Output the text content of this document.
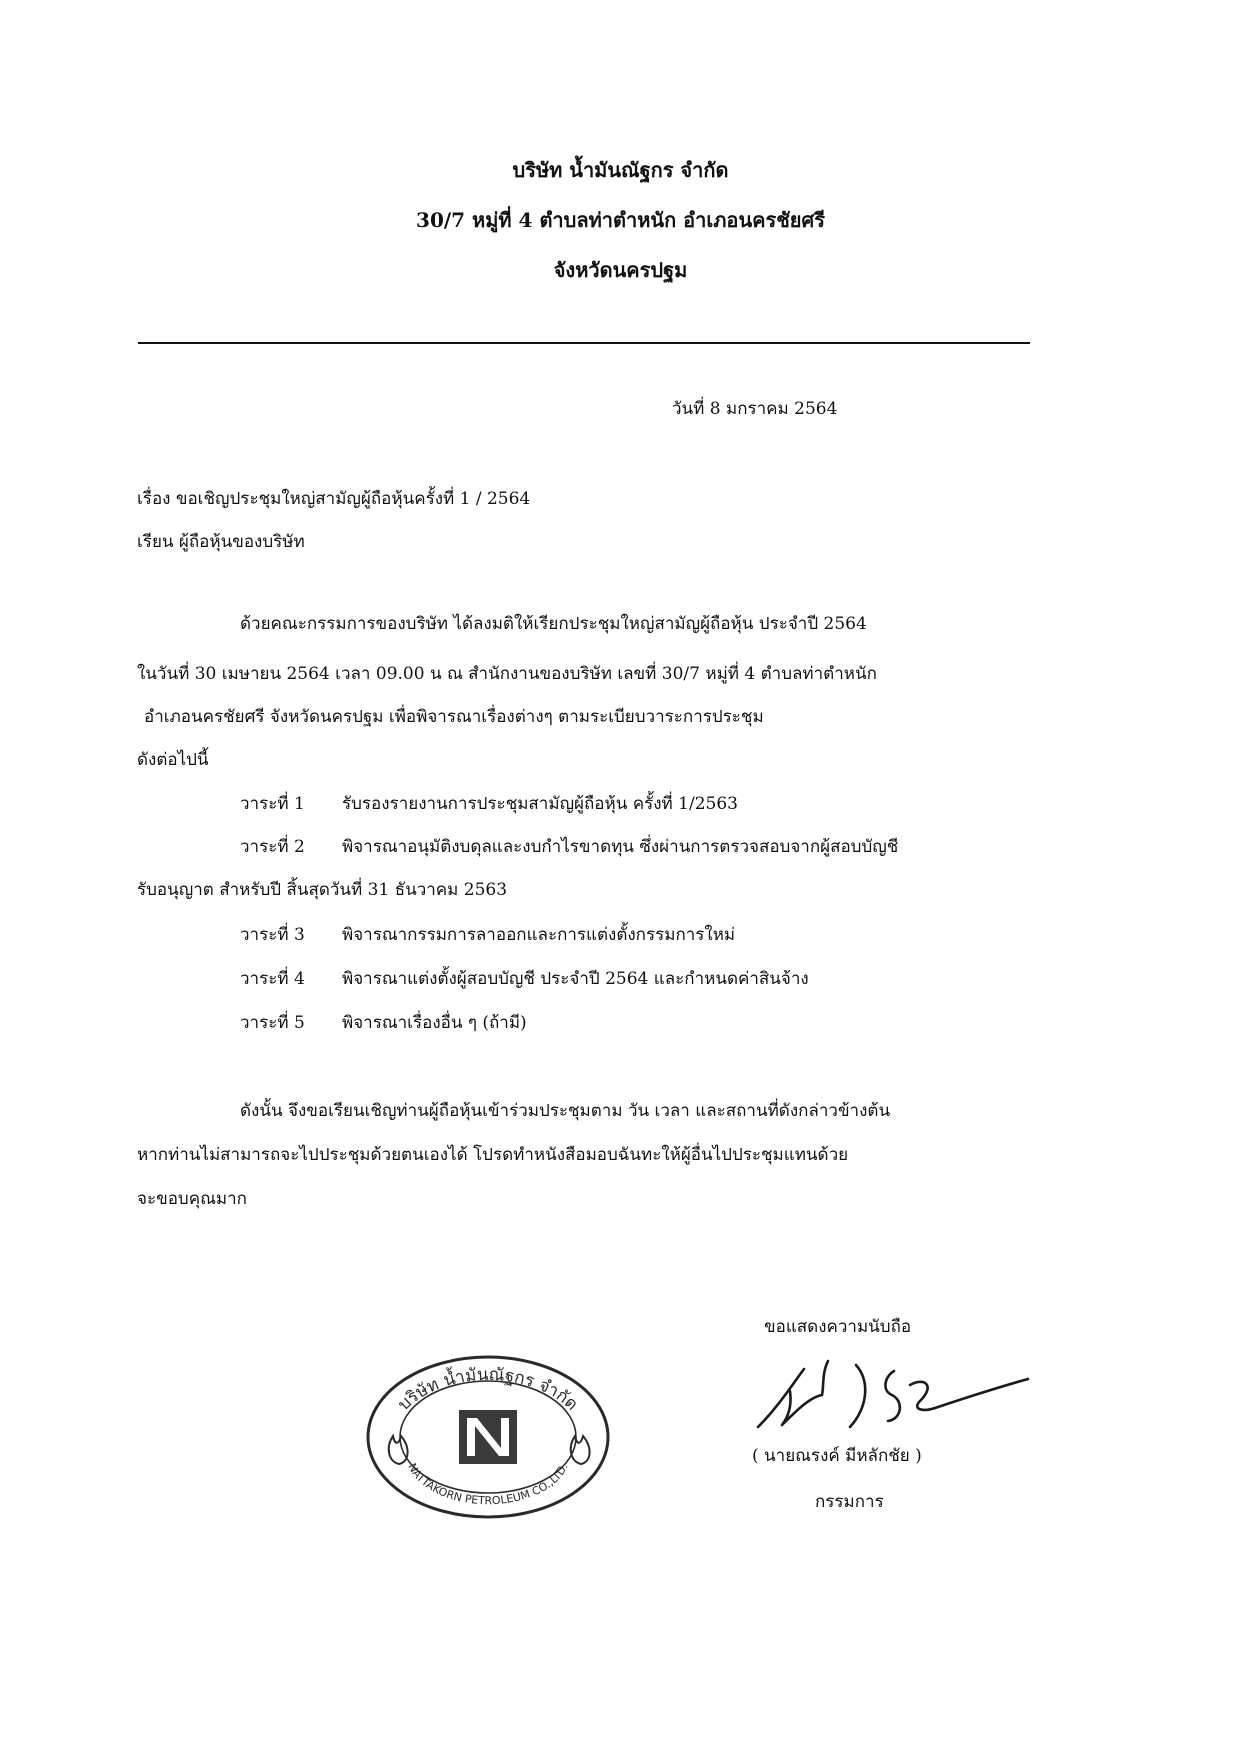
บริษัท น้ำมันณัฐกร จำกัด
30/7 หมู่ที่ 4 ตำบลท่าตำหนัก อำเภอนครชัยศรี
จังหวัดนครปฐม
วันที่ 8 มกราคม 2564
เรื่อง ขอเชิญประชุมใหญ่สามัญผู้ถือหุ้นครั้งที่ 1 / 2564
เรียน ผู้ถือหุ้นของบริษัท
ด้วยคณะกรรมการของบริษัท ได้ลงมติให้เรียกประชุมใหญ่สามัญผู้ถือหุ้น ประจำปี 2564
ในวันที่ 30 เมษายน 2564 เวลา 09.00 น ณ สำนักงานของบริษัท เลขที่ 30/7 หมู่ที่ 4 ตำบลท่าตำหนัก
อำเภอนครชัยศรี จังหวัดนครปฐม เพื่อพิจารณาเรื่องต่างๆ ตามระเบียบวาระการประชุม
ดังต่อไปนี้
วาระที่ 1 รับรองรายงานการประชุมสามัญผู้ถือหุ้น ครั้งที่ 1/2563
วาระที่ 2 พิจารณาอนุมัติงบดุลและงบกำไรขาดทุน ซึ่งผ่านการตรวจสอบจากผู้สอบบัญชี
รับอนุญาต สำหรับปี สิ้นสุดวันที่ 31 ธันวาคม 2563
วาระที่ 3 พิจารณากรรมการลาออกและการแต่งตั้งกรรมการใหม่
วาระที่ 4 พิจารณาแต่งตั้งผู้สอบบัญชี ประจำปี 2564 และกำหนดค่าสินจ้าง
วาระที่ 5 พิจารณาเรื่องอื่น ๆ (ถ้ามี)
ดังนั้น จึงขอเรียนเชิญท่านผู้ถือหุ้นเข้าร่วมประชุมตาม วัน เวลา และสถานที่ดังกล่าวข้างต้น
หากท่านไม่สามารถจะไปประชุมด้วยตนเองได้ โปรดทำหนังสือมอบฉันทะให้ผู้อื่นไปประชุมแทนด้วย
จะขอบคุณมาก
ขอแสดงความนับถือ
( นายณรงค์ มีหลักชัย )
กรรมการ
บริษัท น้ำมันณัฐกร จำกัด
NATTAKORN PETROLEUM CO.,LTD.
